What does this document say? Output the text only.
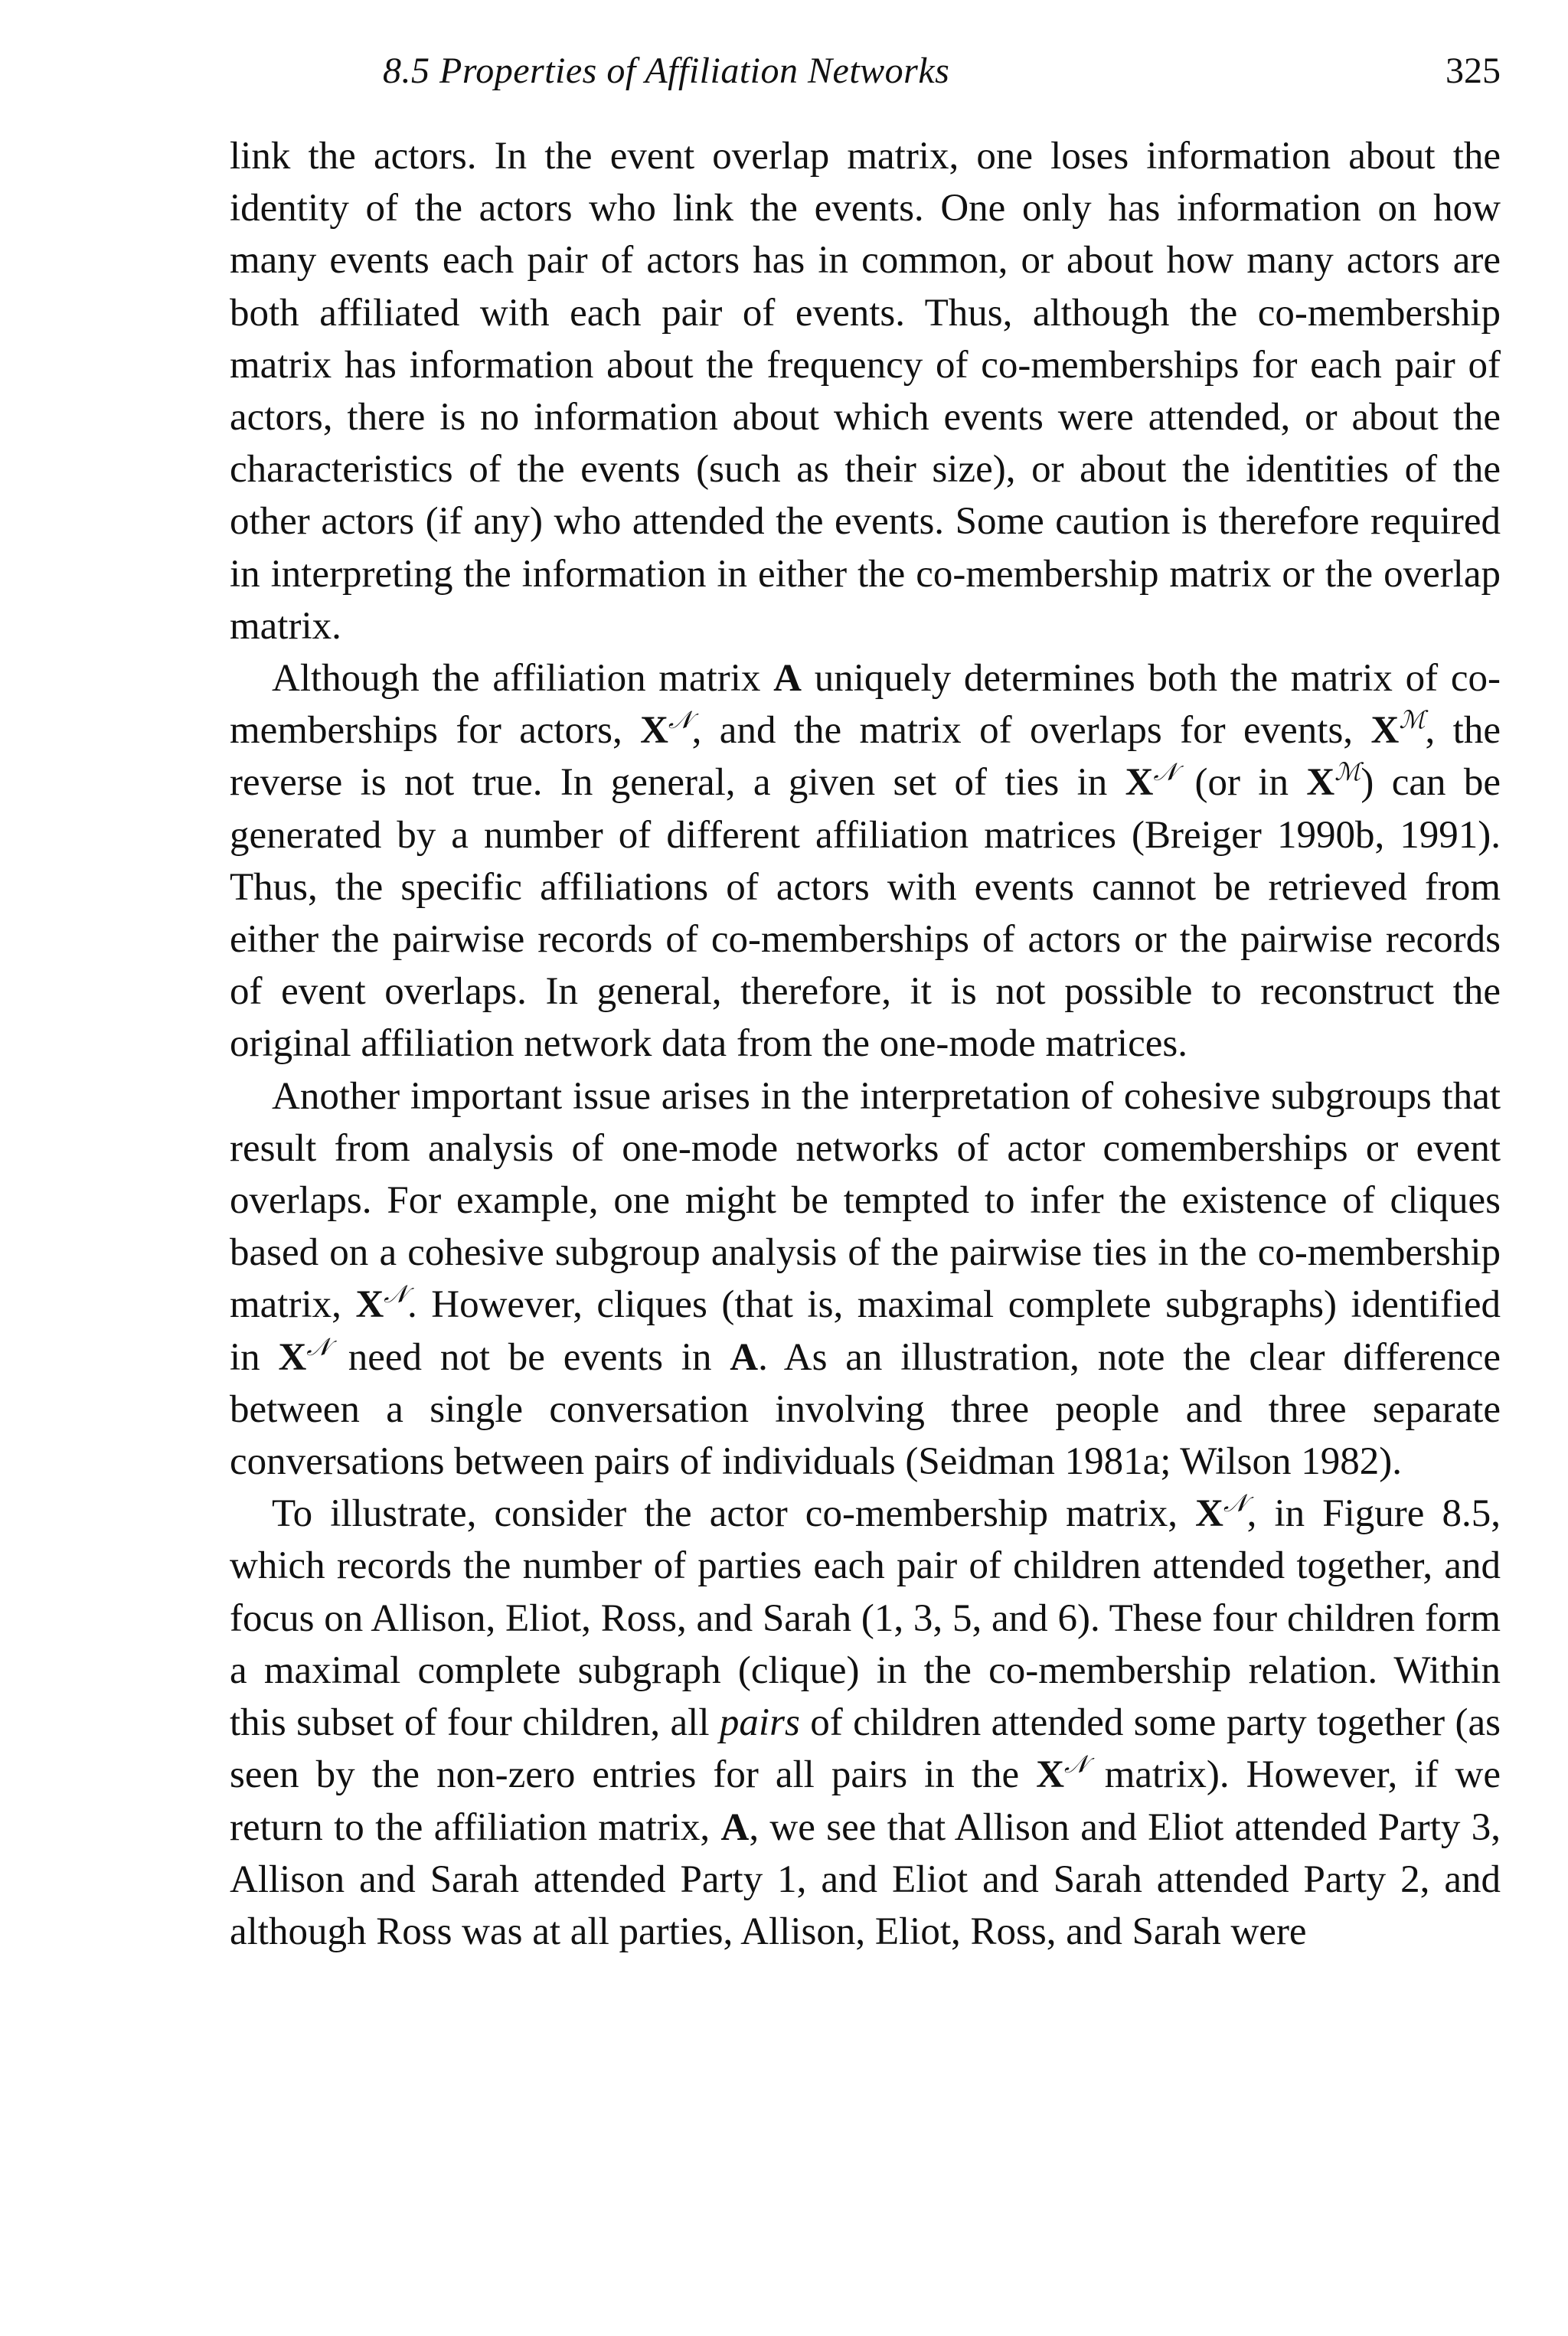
8.5 Properties of Affiliation Networks	325

link the actors. In the event overlap matrix, one loses information about the identity of the actors who link the events. One only has information on how many events each pair of actors has in common, or about how many actors are both affiliated with each pair of events. Thus, although the co-membership matrix has information about the frequency of co-memberships for each pair of actors, there is no information about which events were attended, or about the characteristics of the events (such as their size), or about the identities of the other actors (if any) who attended the events. Some caution is therefore required in interpreting the information in either the co-membership matrix or the overlap matrix.

Although the affiliation matrix A uniquely determines both the matrix of co-memberships for actors, $X^𝒩$, and the matrix of overlaps for events, $X^ℳ$, the reverse is not true. In general, a given set of ties in $X^𝒩$ (or in $X^ℳ$) can be generated by a number of different affiliation matrices (Breiger 1990b, 1991). Thus, the specific affiliations of actors with events cannot be retrieved from either the pairwise records of co-memberships of actors or the pairwise records of event overlaps. In general, therefore, it is not possible to reconstruct the original affiliation network data from the one-mode matrices.

Another important issue arises in the interpretation of cohesive subgroups that result from analysis of one-mode networks of actor comemberships or event overlaps. For example, one might be tempted to infer the existence of cliques based on a cohesive subgroup analysis of the pairwise ties in the co-membership matrix, $X^𝒩$. However, cliques (that is, maximal complete subgraphs) identified in $X^𝒩$ need not be events in A. As an illustration, note the clear difference between a single conversation involving three people and three separate conversations between pairs of individuals (Seidman 1981a; Wilson 1982).

To illustrate, consider the actor co-membership matrix, $X^𝒩$, in Figure 8.5, which records the number of parties each pair of children attended together, and focus on Allison, Eliot, Ross, and Sarah (1, 3, 5, and 6). These four children form a maximal complete subgraph (clique) in the co-membership relation. Within this subset of four children, all pairs of children attended some party together (as seen by the non-zero entries for all pairs in the $X^𝒩$ matrix). However, if we return to the affiliation matrix, A, we see that Allison and Eliot attended Party 3, Allison and Sarah attended Party 1, and Eliot and Sarah attended Party 2, and although Ross was at all parties, Allison, Eliot, Ross, and Sarah were
